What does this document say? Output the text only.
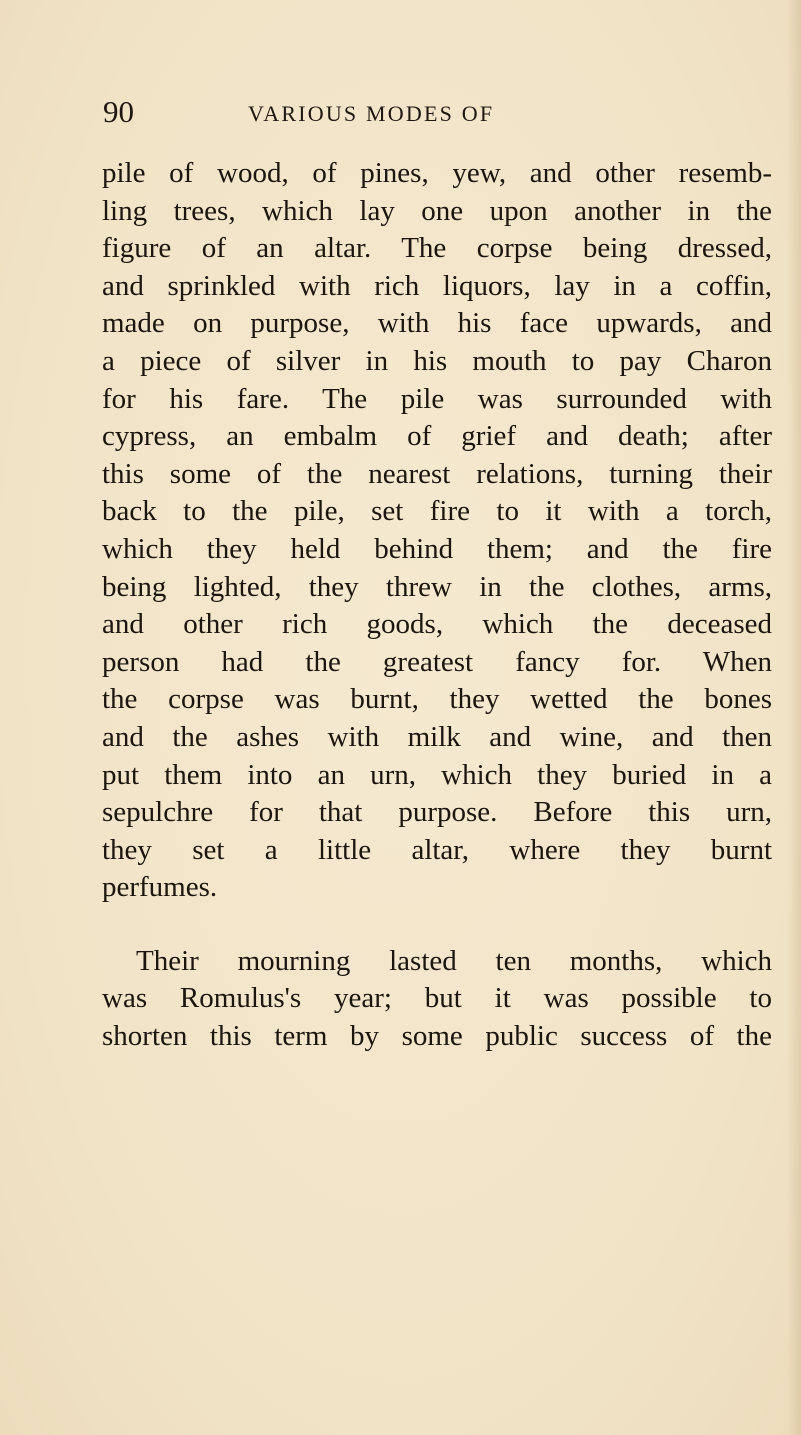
90	VARIOUS MODES OF
pile of wood, of pines, yew, and other resemb-
ling trees, which lay one upon another in the
figure of an altar. The corpse being dressed,
and sprinkled with rich liquors, lay in a coffin,
made on purpose, with his face upwards, and
a piece of silver in his mouth to pay Charon
for his fare. The pile was surrounded with
cypress, an embalm of grief and death; after
this some of the nearest relations, turning their
back to the pile, set fire to it with a torch,
which they held behind them; and the fire
being lighted, they threw in the clothes, arms,
and other rich goods, which the deceased
person had the greatest fancy for. When
the corpse was burnt, they wetted the bones
and the ashes with milk and wine, and then
put them into an urn, which they buried in a
sepulchre for that purpose. Before this urn,
they set a little altar, where they burnt
perfumes.
Their mourning lasted ten months, which
was Romulus's year; but it was possible to
shorten this term by some public success of the
